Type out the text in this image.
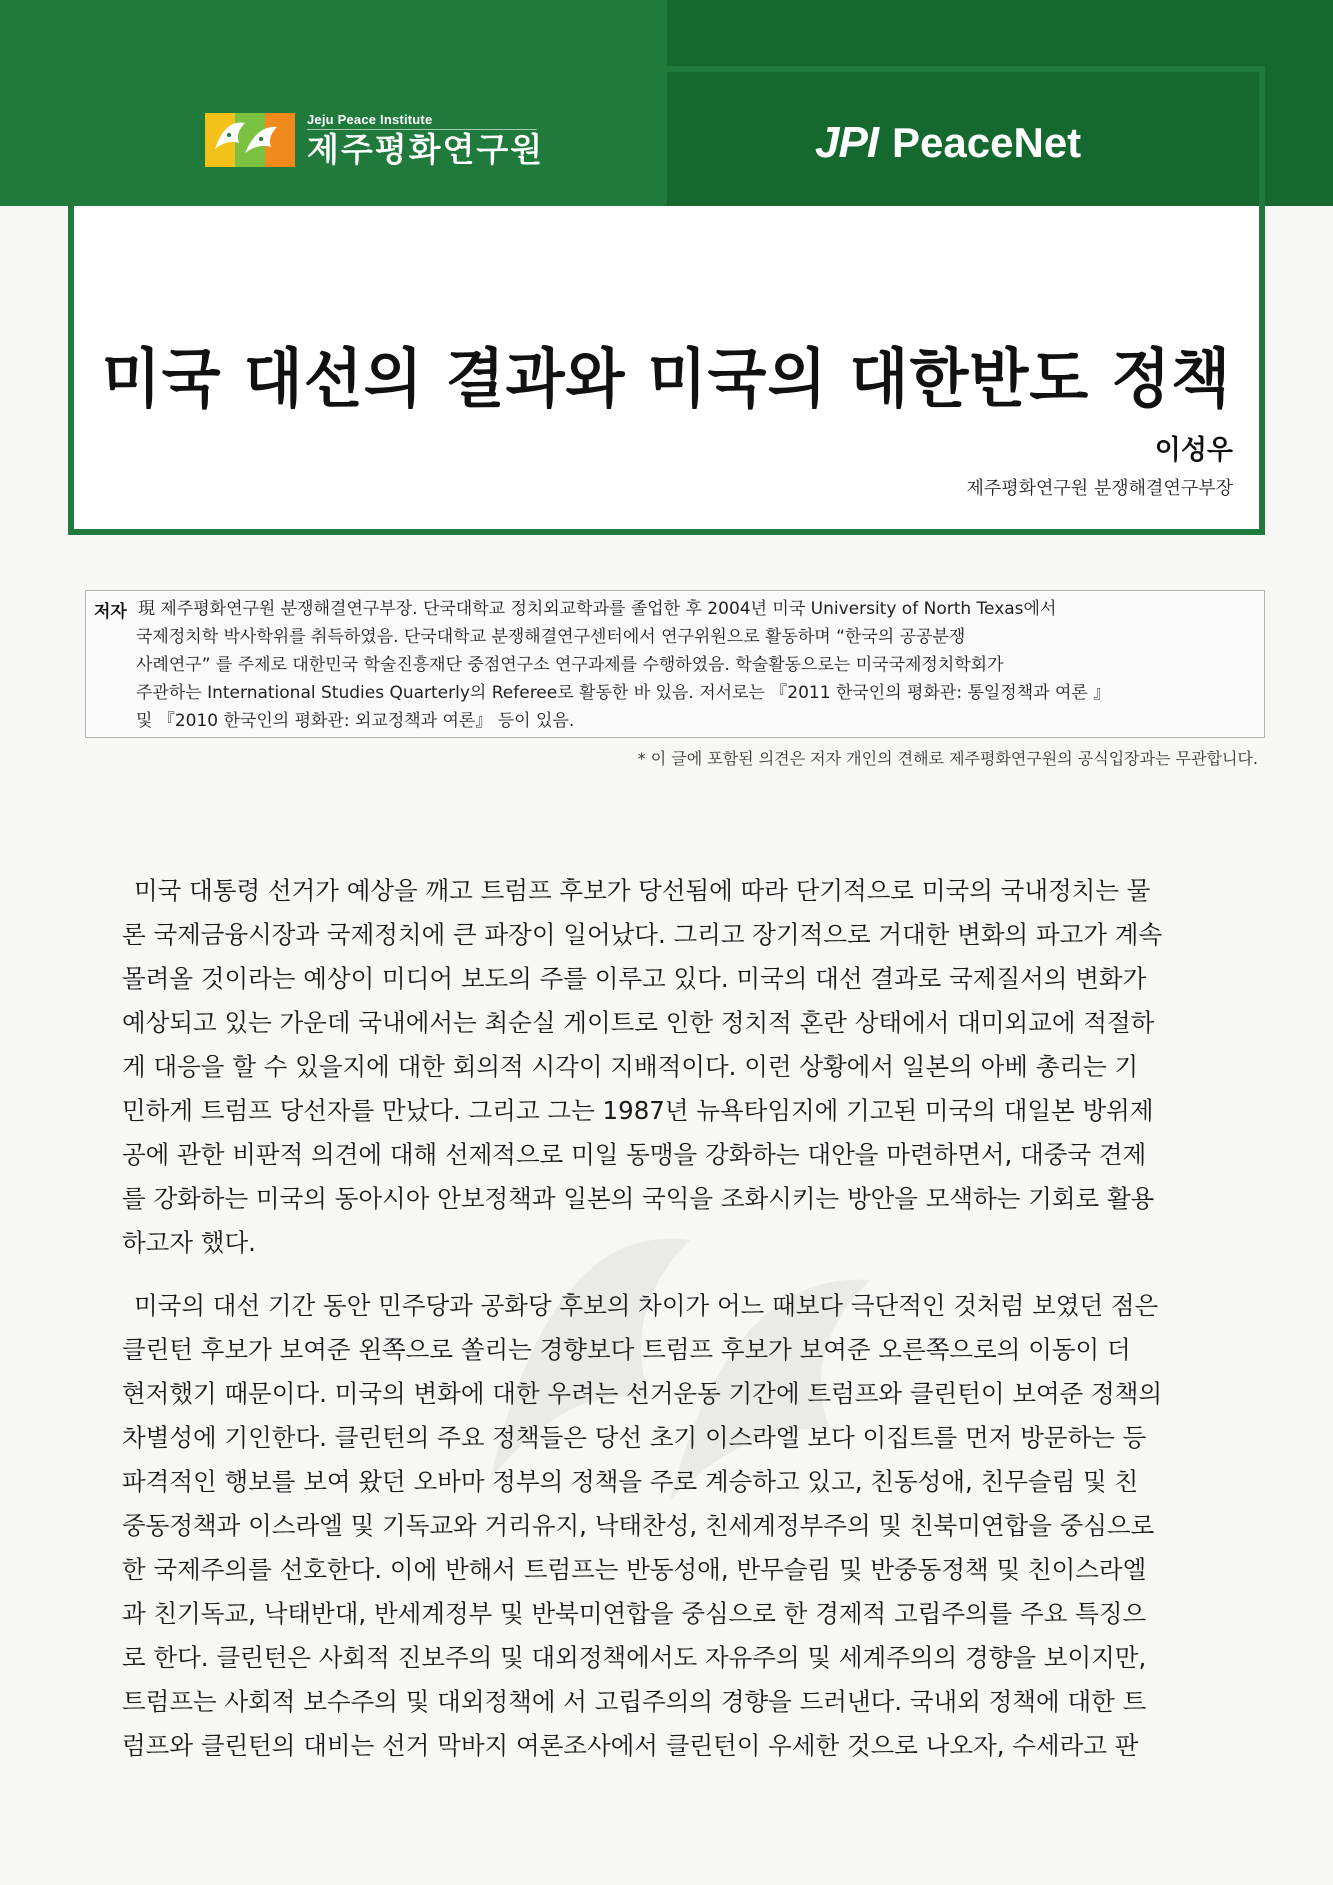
Jeju Peace Institute
제주평화연구원	JPI PeaceNet
미국 대선의 결과와 미국의 대한반도 정책
이성우
제주평화연구원 분쟁해결연구부장
저자 現 제주평화연구원 분쟁해결연구부장. 단국대학교 정치외교학과를 졸업한 후 2004년 미국 University of North Texas에서
국제정치학 박사학위를 취득하였음. 단국대학교 분쟁해결연구센터에서 연구위원으로 활동하며 “한국의 공공분쟁
사례연구” 를 주제로 대한민국 학술진흥재단 중점연구소 연구과제를 수행하였음. 학술활동으로는 미국국제정치학회가
주관하는 International Studies Quarterly의 Referee로 활동한 바 있음. 저서로는 『2011 한국인의 평화관: 통일정책과 여론 』
및 『2010 한국인의 평화관: 외교정책과 여론』 등이 있음.
* 이 글에 포함된 의견은 저자 개인의 견해로 제주평화연구원의 공식입장과는 무관합니다.
미국 대통령 선거가 예상을 깨고 트럼프 후보가 당선됨에 따라 단기적으로 미국의 국내정치는 물
론 국제금융시장과 국제정치에 큰 파장이 일어났다. 그리고 장기적으로 거대한 변화의 파고가 계속
몰려올 것이라는 예상이 미디어 보도의 주를 이루고 있다. 미국의 대선 결과로 국제질서의 변화가
예상되고 있는 가운데 국내에서는 최순실 게이트로 인한 정치적 혼란 상태에서 대미외교에 적절하
게 대응을 할 수 있을지에 대한 회의적 시각이 지배적이다. 이런 상황에서 일본의 아베 총리는 기
민하게 트럼프 당선자를 만났다. 그리고 그는 1987년 뉴욕타임지에 기고된 미국의 대일본 방위제
공에 관한 비판적 의견에 대해 선제적으로 미일 동맹을 강화하는 대안을 마련하면서, 대중국 견제
를 강화하는 미국의 동아시아 안보정책과 일본의 국익을 조화시키는 방안을 모색하는 기회로 활용
하고자 했다.
미국의 대선 기간 동안 민주당과 공화당 후보의 차이가 어느 때보다 극단적인 것처럼 보였던 점은
클린턴 후보가 보여준 왼쪽으로 쏠리는 경향보다 트럼프 후보가 보여준 오른쪽으로의 이동이 더
현저했기 때문이다. 미국의 변화에 대한 우려는 선거운동 기간에 트럼프와 클린턴이 보여준 정책의
차별성에 기인한다. 클린턴의 주요 정책들은 당선 초기 이스라엘 보다 이집트를 먼저 방문하는 등
파격적인 행보를 보여 왔던 오바마 정부의 정책을 주로 계승하고 있고, 친동성애, 친무슬림 및 친
중동정책과 이스라엘 및 기독교와 거리유지, 낙태찬성, 친세계정부주의 및 친북미연합을 중심으로
한 국제주의를 선호한다. 이에 반해서 트럼프는 반동성애, 반무슬림 및 반중동정책 및 친이스라엘
과 친기독교, 낙태반대, 반세계정부 및 반북미연합을 중심으로 한 경제적 고립주의를 주요 특징으
로 한다. 클린턴은 사회적 진보주의 및 대외정책에서도 자유주의 및 세계주의의 경향을 보이지만,
트럼프는 사회적 보수주의 및 대외정책에 서 고립주의의 경향을 드러낸다. 국내외 정책에 대한 트
럼프와 클린턴의 대비는 선거 막바지 여론조사에서 클린턴이 우세한 것으로 나오자, 수세라고 판
